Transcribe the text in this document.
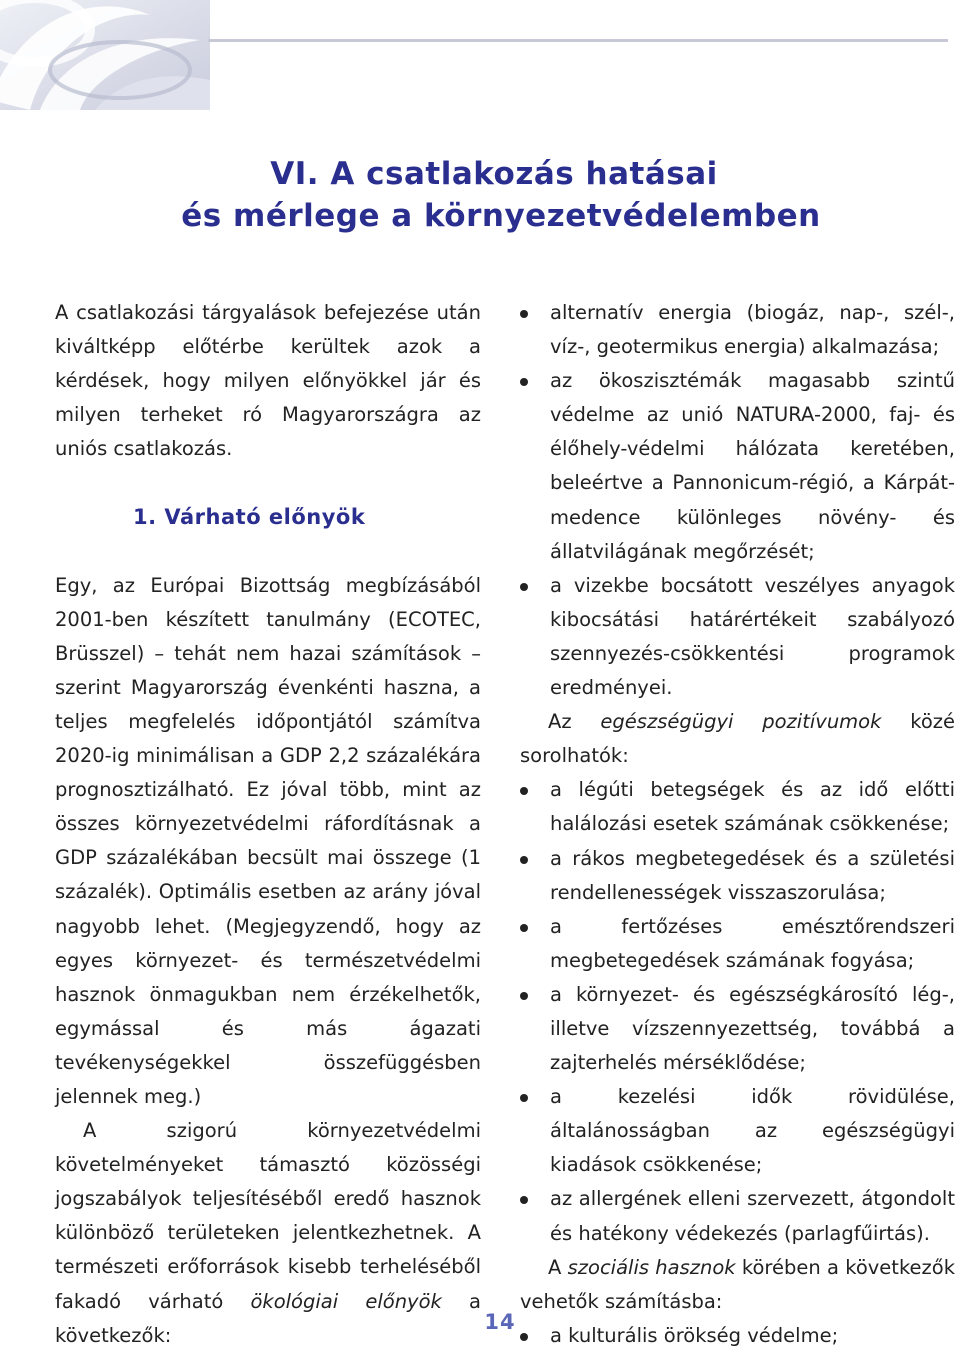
VI. A csatlakozás hatásai
és mérlege a környezetvédelemben

A csatlakozási tárgyalások befejezése után kiváltképp előtérbe kerültek azok a kérdések, hogy milyen előnyökkel jár és milyen terheket ró Magyarországra az uniós csatlakozás.

1. Várható előnyök

Egy, az Európai Bizottság megbízásából 2001-ben készített tanulmány (ECOTEC, Brüsszel) – tehát nem hazai számítások – szerint Magyarország évenkénti haszna, a teljes megfelelés időpontjától számítva 2020-ig minimálisan a GDP 2,2 százalékára prognosztizálható. Ez jóval több, mint az összes környezetvédelmi ráfordításnak a GDP százalékában becsült mai összege (1 százalék). Optimális esetben az arány jóval nagyobb lehet. (Megjegyzendő, hogy az egyes környezet- és természetvédelmi hasznok önmagukban nem érzékelhetők, egymással és más ágazati tevékenységekkel összefüggésben jelennek meg.)

A szigorú környezetvédelmi követelményeket támasztó közösségi jogszabályok teljesítéséből eredő hasznok különböző területeken jelentkezhetnek. A természeti erőforrások kisebb terheléséből fakadó várható ökológiai előnyök a következők:

alternatív energia (biogáz, nap-, szél-, víz-, geotermikus energia) alkalmazása;
az ökoszisztémák magasabb szintű védelme az unió NATURA-2000, faj- és élőhely-védelmi hálózata keretében, beleértve a Pannonicum-régió, a Kárpát-medence különleges növény- és állatvilágának megőrzését;
a vizekbe bocsátott veszélyes anyagok kibocsátási határértékeit szabályozó szennyezés-csökkentési programok eredményei.

Az egészségügyi pozitívumok közé sorolhatók:

a légúti betegségek és az idő előtti halálozási esetek számának csökkenése;
a rákos megbetegedések és a születési rendellenességek visszaszorulása;
a fertőzéses emésztőrendszeri megbetegedések számának fogyása;
a környezet- és egészségkárosító lég-, illetve vízszennyezettség, továbbá a zajterhelés mérséklődése;
a kezelési idők rövidülése, általánosságban az egészségügyi kiadások csökkenése;
az allergének elleni szervezett, átgondolt és hatékony védekezés (parlagfűirtás).

A szociális hasznok körében a következők vehetők számításba:

a kulturális örökség védelme;
14
